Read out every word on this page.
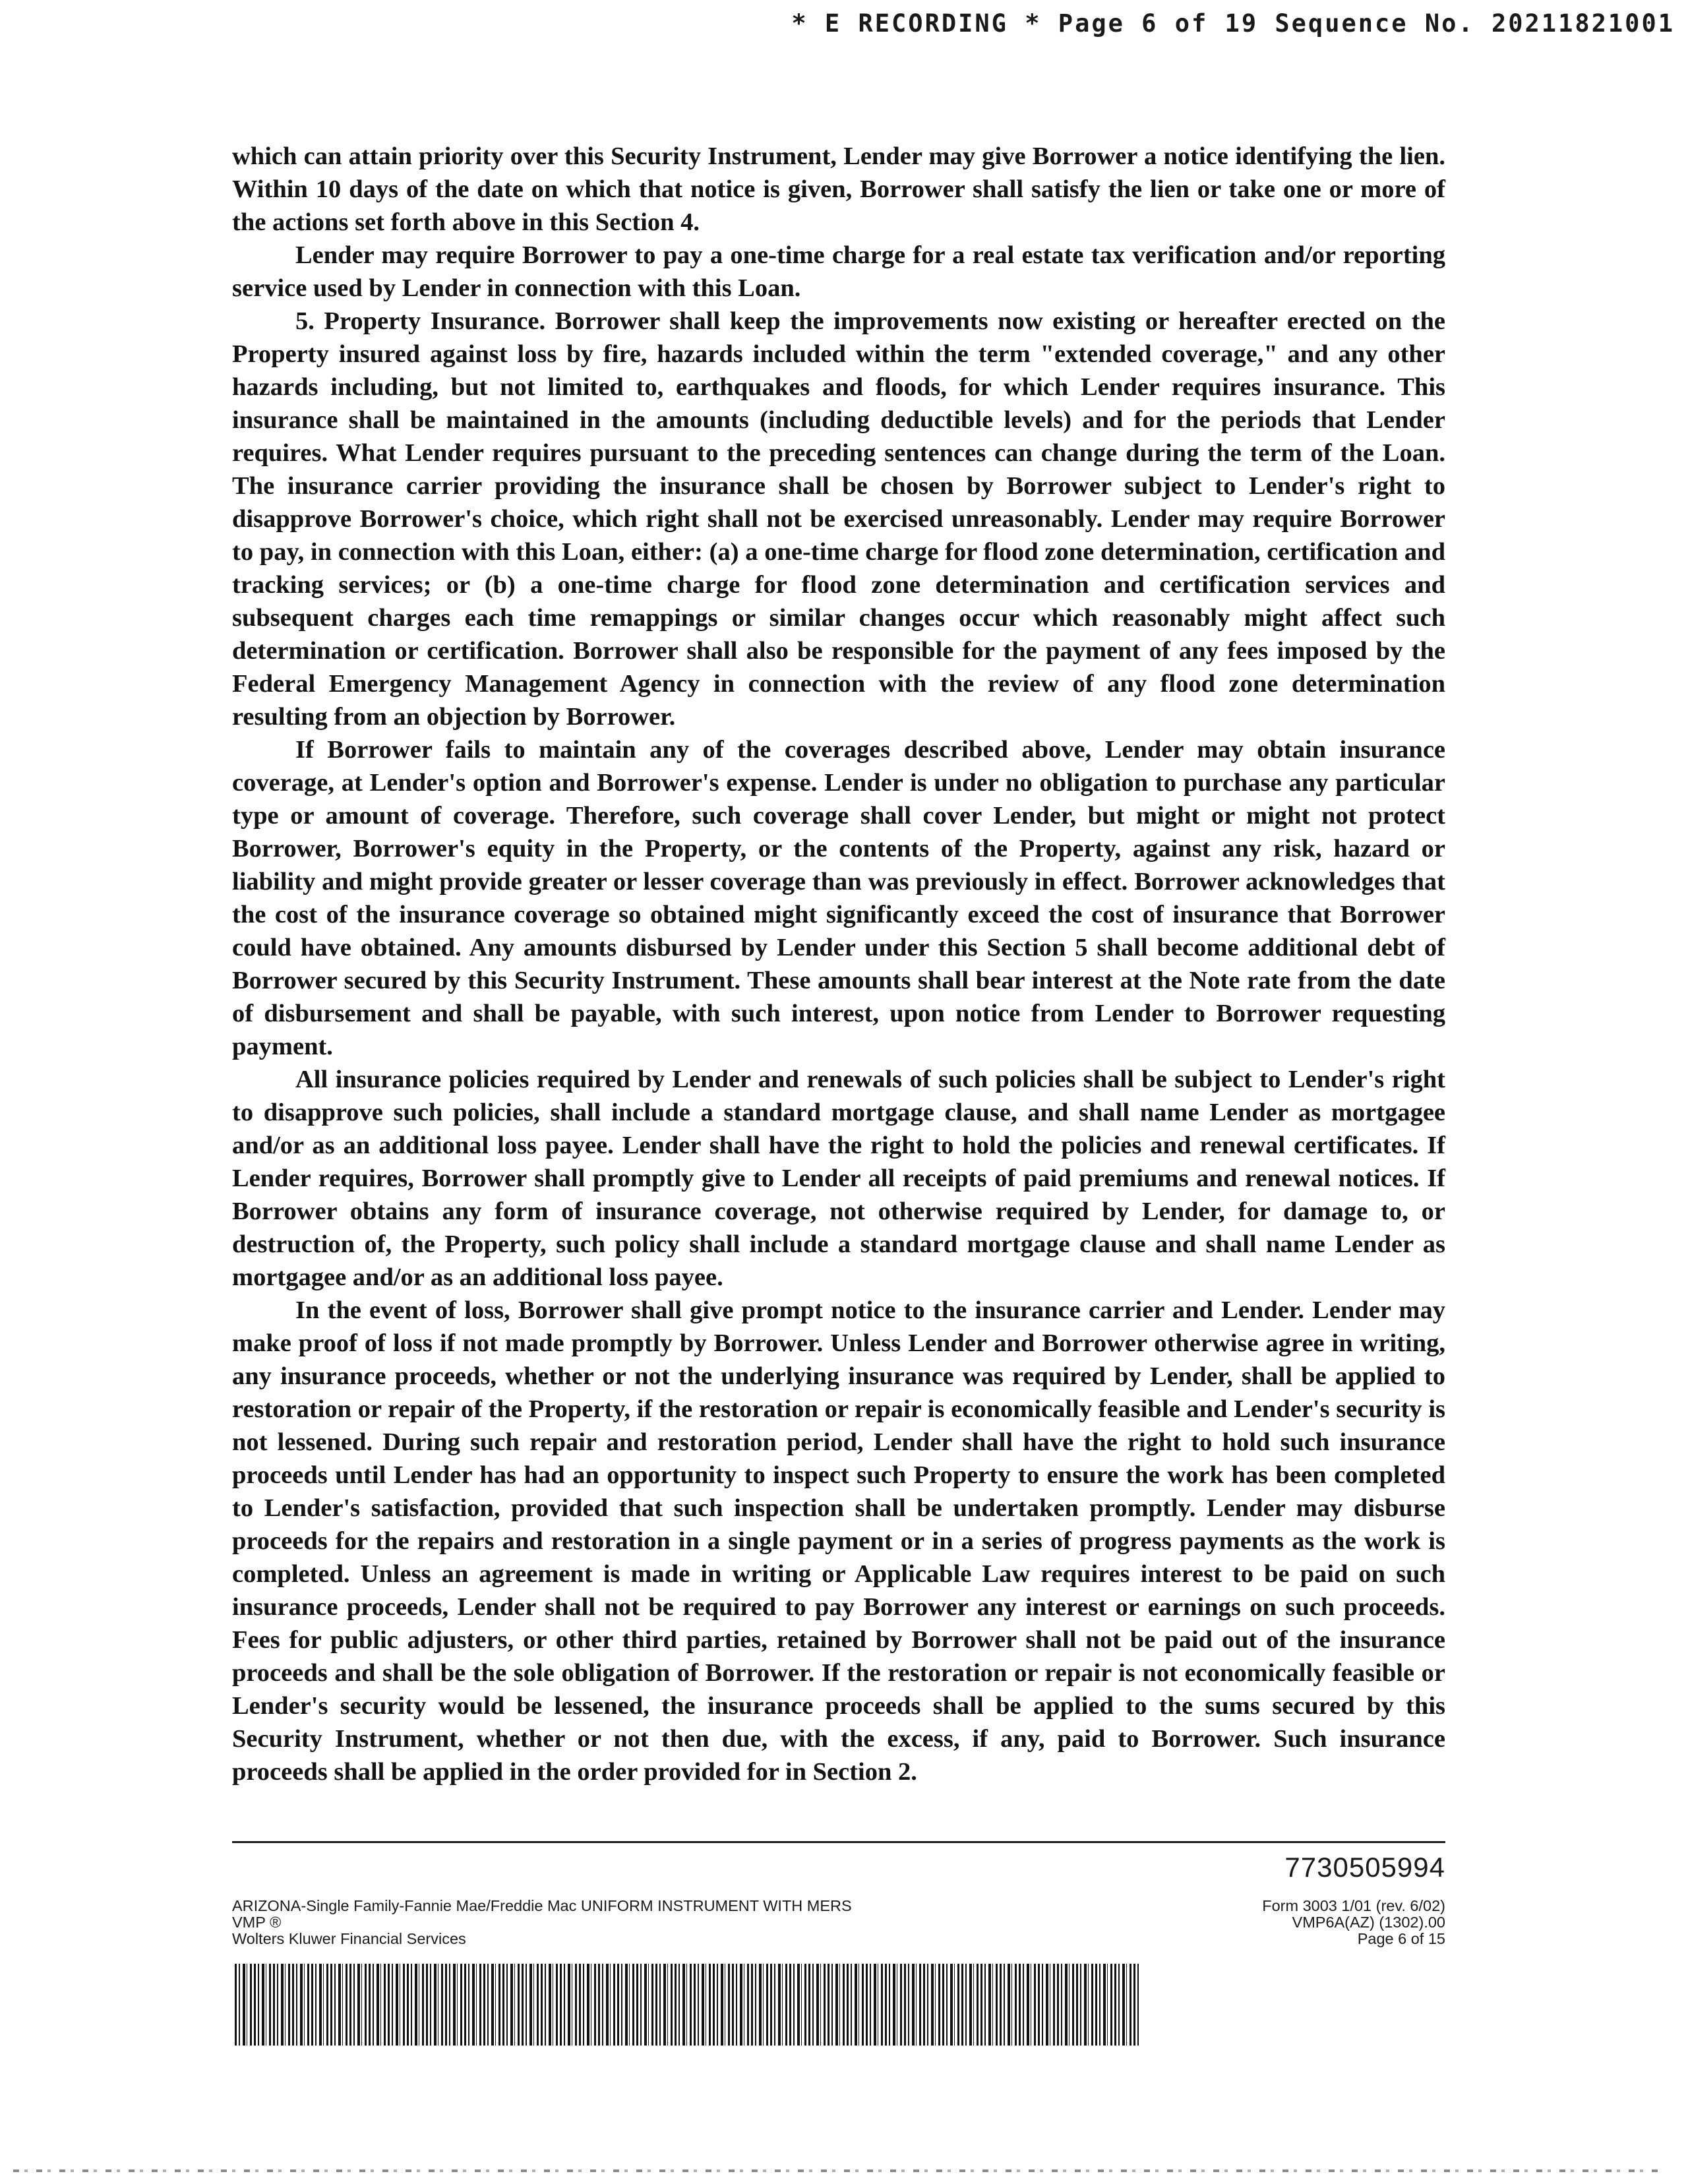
* E RECORDING * Page 6 of 19 Sequence No. 20211821001

which can attain priority over this Security Instrument, Lender may give Borrower a notice identifying the lien. Within 10 days of the date on which that notice is given, Borrower shall satisfy the lien or take one or more of the actions set forth above in this Section 4.

Lender may require Borrower to pay a one-time charge for a real estate tax verification and/or reporting service used by Lender in connection with this Loan.

5. Property Insurance. Borrower shall keep the improvements now existing or hereafter erected on the Property insured against loss by fire, hazards included within the term "extended coverage," and any other hazards including, but not limited to, earthquakes and floods, for which Lender requires insurance. This insurance shall be maintained in the amounts (including deductible levels) and for the periods that Lender requires. What Lender requires pursuant to the preceding sentences can change during the term of the Loan. The insurance carrier providing the insurance shall be chosen by Borrower subject to Lender's right to disapprove Borrower's choice, which right shall not be exercised unreasonably. Lender may require Borrower to pay, in connection with this Loan, either: (a) a one-time charge for flood zone determination, certification and tracking services; or (b) a one-time charge for flood zone determination and certification services and subsequent charges each time remappings or similar changes occur which reasonably might affect such determination or certification. Borrower shall also be responsible for the payment of any fees imposed by the Federal Emergency Management Agency in connection with the review of any flood zone determination resulting from an objection by Borrower.

If Borrower fails to maintain any of the coverages described above, Lender may obtain insurance coverage, at Lender's option and Borrower's expense. Lender is under no obligation to purchase any particular type or amount of coverage. Therefore, such coverage shall cover Lender, but might or might not protect Borrower, Borrower's equity in the Property, or the contents of the Property, against any risk, hazard or liability and might provide greater or lesser coverage than was previously in effect. Borrower acknowledges that the cost of the insurance coverage so obtained might significantly exceed the cost of insurance that Borrower could have obtained. Any amounts disbursed by Lender under this Section 5 shall become additional debt of Borrower secured by this Security Instrument. These amounts shall bear interest at the Note rate from the date of disbursement and shall be payable, with such interest, upon notice from Lender to Borrower requesting payment.

All insurance policies required by Lender and renewals of such policies shall be subject to Lender's right to disapprove such policies, shall include a standard mortgage clause, and shall name Lender as mortgagee and/or as an additional loss payee. Lender shall have the right to hold the policies and renewal certificates. If Lender requires, Borrower shall promptly give to Lender all receipts of paid premiums and renewal notices. If Borrower obtains any form of insurance coverage, not otherwise required by Lender, for damage to, or destruction of, the Property, such policy shall include a standard mortgage clause and shall name Lender as mortgagee and/or as an additional loss payee.

In the event of loss, Borrower shall give prompt notice to the insurance carrier and Lender. Lender may make proof of loss if not made promptly by Borrower. Unless Lender and Borrower otherwise agree in writing, any insurance proceeds, whether or not the underlying insurance was required by Lender, shall be applied to restoration or repair of the Property, if the restoration or repair is economically feasible and Lender's security is not lessened. During such repair and restoration period, Lender shall have the right to hold such insurance proceeds until Lender has had an opportunity to inspect such Property to ensure the work has been completed to Lender's satisfaction, provided that such inspection shall be undertaken promptly. Lender may disburse proceeds for the repairs and restoration in a single payment or in a series of progress payments as the work is completed. Unless an agreement is made in writing or Applicable Law requires interest to be paid on such insurance proceeds, Lender shall not be required to pay Borrower any interest or earnings on such proceeds. Fees for public adjusters, or other third parties, retained by Borrower shall not be paid out of the insurance proceeds and shall be the sole obligation of Borrower. If the restoration or repair is not economically feasible or Lender's security would be lessened, the insurance proceeds shall be applied to the sums secured by this Security Instrument, whether or not then due, with the excess, if any, paid to Borrower. Such insurance proceeds shall be applied in the order provided for in Section 2.

7730505994
ARIZONA-Single Family-Fannie Mae/Freddie Mac UNIFORM INSTRUMENT WITH MERS
VMP ®
Wolters Kluwer Financial Services
Form 3003 1/01 (rev. 6/02)
VMP6A(AZ) (1302).00
Page 6 of 15
